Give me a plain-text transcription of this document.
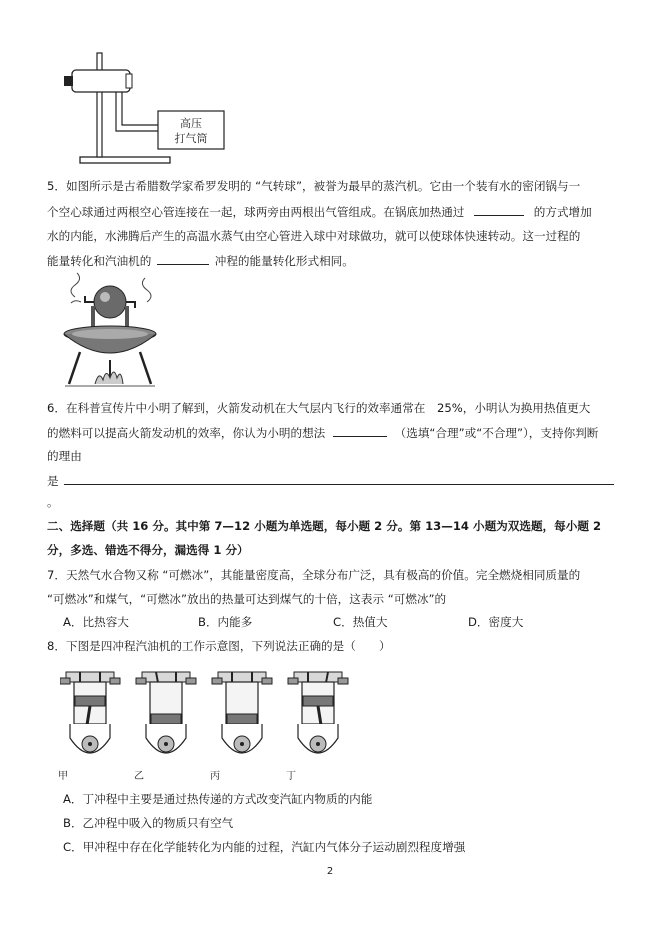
高压
打气筒
5．如图所示是古希腊数学家希罗发明的 “气转球”，被誉为最早的蒸汽机。它由一个装有水的密闭锅与一
个空心球通过两根空心管连接在一起，球两旁由两根出气管组成。在锅底加热通过	的方式增加
水的内能，水沸腾后产生的高温水蒸气由空心管进入球中对球做功，就可以使球体快速转动。这一过程的
能量转化和汽油机的	冲程的能量转化形式相同。
6．在科普宣传片中小明了解到，火箭发动机在大气层内飞行的效率通常在　25%，小明认为换用热值更大
的燃料可以提高火箭发动机的效率，你认为小明的想法	（选填“合理”或“不合理”），支持你判断
的理由
是
。
二、选择题（共 16 分。其中第 7—12 小题为单选题，每小题 2 分。第 13—14 小题为双选题，每小题 2
分，多选、错选不得分，漏选得 1 分）
7．天然气水合物又称 “可燃冰”，其能量密度高，全球分布广泛，具有极高的价值。完全燃烧相同质量的
“可燃冰”和煤气，“可燃冰”放出的热量可达到煤气的十倍，这表示 “可燃冰”的
A．比热容大	B．内能多	C．热值大	D．密度大
8．下图是四冲程汽油机的工作示意图，下列说法正确的是（　　）
甲	乙	丙	丁
A．丁冲程中主要是通过热传递的方式改变汽缸内物质的内能
B．乙冲程中吸入的物质只有空气
C．甲冲程中存在化学能转化为内能的过程，汽缸内气体分子运动剧烈程度增强
2
